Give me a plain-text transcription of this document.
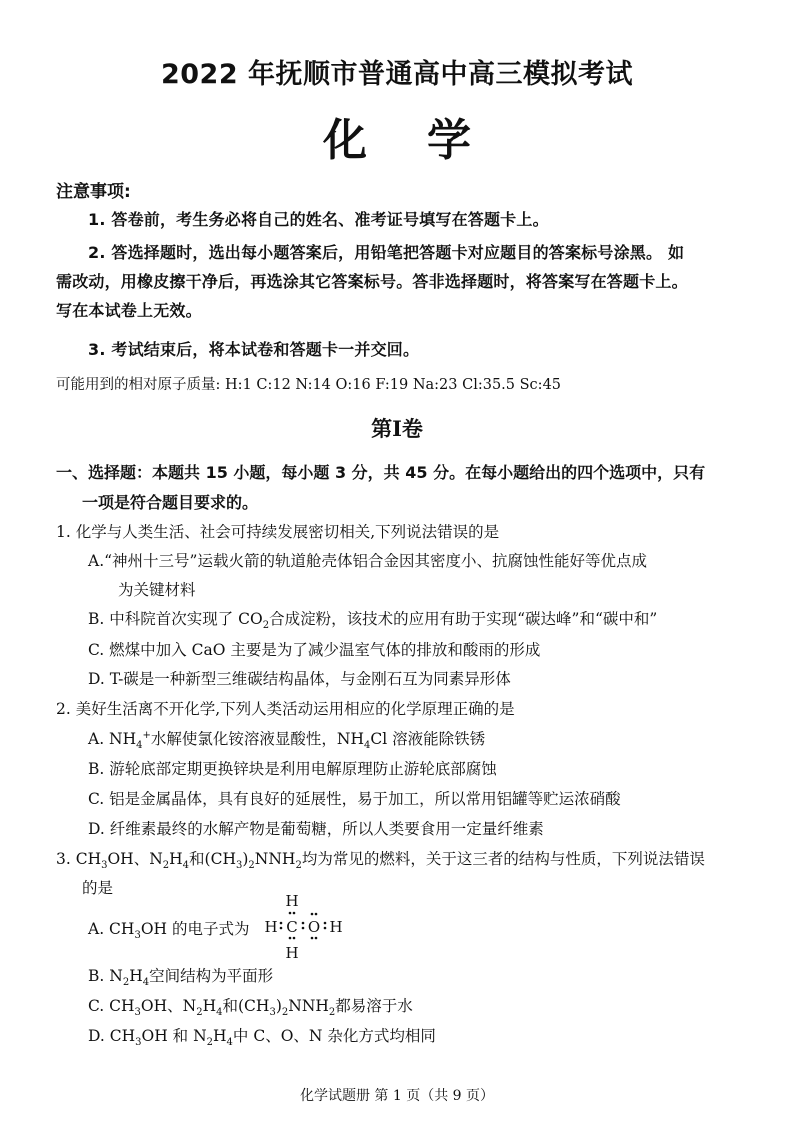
2022 年抚顺市普通高中高三模拟考试
化学
注意事项:
1. 答卷前，考生务必将自己的姓名、准考证号填写在答题卡上。
2. 答选择题时，选出每小题答案后，用铅笔把答题卡对应题目的答案标号涂黑。 如
需改动，用橡皮擦干净后，再选涂其它答案标号。答非选择题时，将答案写在答题卡上。
写在本试卷上无效。
3. 考试结束后，将本试卷和答题卡一并交回。
可能用到的相对原子质量: H:1 C:12 N:14 O:16 F:19 Na:23 Cl:35.5 Sc:45
第Ⅰ卷
一、选择题：本题共 15 小题，每小题 3 分，共 45 分。在每小题给出的四个选项中，只有
一项是符合题目要求的。
1. 化学与人类生活、社会可持续发展密切相关,下列说法错误的是
A.“神州十三号”运载火箭的轨道舱壳体铝合金因其密度小、抗腐蚀性能好等优点成
为关键材料
B. 中科院首次实现了 $CO_2$合成淀粉，该技术的应用有助于实现“碳达峰”和“碳中和”
C. 燃煤中加入 CaO 主要是为了减少温室气体的排放和酸雨的形成
D. T-碳是一种新型三维碳结构晶体，与金刚石互为同素异形体
2. 美好生活离不开化学,下列人类活动运用相应的化学原理正确的是
A. $NH_4^+$水解使氯化铵溶液显酸性，$NH_4Cl$ 溶液能除铁锈
B. 游轮底部定期更换锌块是利用电解原理防止游轮底部腐蚀
C. 铝是金属晶体，具有良好的延展性，易于加工，所以常用铝罐等贮运浓硝酸
D. 纤维素最终的水解产物是葡萄糖，所以人类要食用一定量纤维素
3. $CH_3OH$、$N_2H_4$和$(CH_3)_2NNH_2$均为常见的燃料，关于这三者的结构与性质，下列说法错误
的是
A. $CH_3OH$ 的电子式为
H
H
H C O H
B. $N_2H_4$空间结构为平面形
C. $CH_3OH$、$N_2H_4$和$(CH_3)_2NNH_2$都易溶于水
D. $CH_3OH$ 和 $N_2H_4$中 C、O、N 杂化方式均相同
化学试题册 第 1 页（共 9 页）
